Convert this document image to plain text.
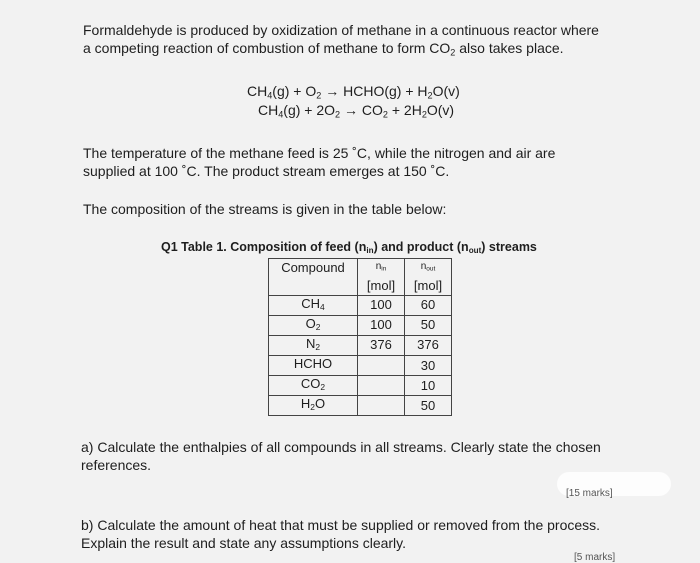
Formaldehyde is produced by oxidization of methane in a continuous reactor where
a competing reaction of combustion of methane to form $CO_2$ also takes place.
$CH_4(g) + O_2$ → HCHO(g) + $H_2O(v)$
$CH_4(g) + 2O_2 \to CO_2 + 2H_2O(v)$
The temperature of the methane feed is 25 ˚C, while the nitrogen and air are
supplied at 100 ˚C. The product stream emerges at 150 ˚C.
The composition of the streams is given in the table below:
Q1 Table 1. Composition of feed $(n_{in})$ and product $(n_{out})$ streams
Compound	$n_{in}$	$n_{out}$
	[mol]	[mol]
$CH_4$	100	60
$O_2$	100	50
$N_2$	376	376
HCHO		30
$CO_2$		10
$H_2O$		50
a) Calculate the enthalpies of all compounds in all streams. Clearly state the chosen
references.
[15 marks]
b) Calculate the amount of heat that must be supplied or removed from the process.
Explain the result and state any assumptions clearly.
[5 marks]
